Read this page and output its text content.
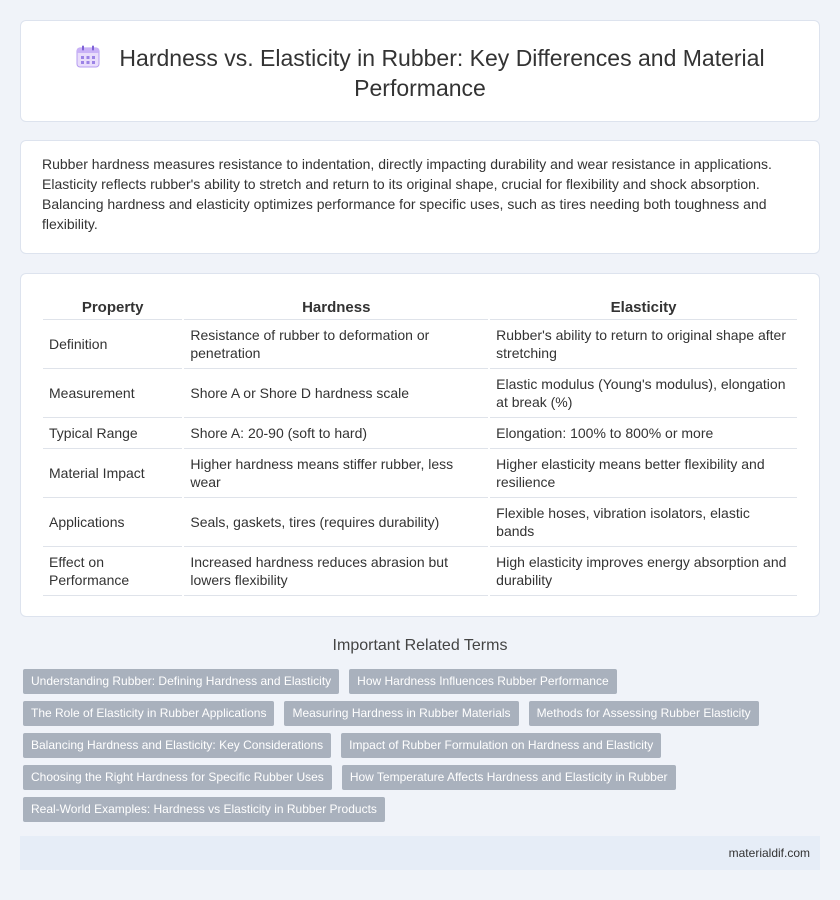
Hardness vs. Elasticity in Rubber: Key Differences and Material Performance

Rubber hardness measures resistance to indentation, directly impacting durability and wear resistance in applications. Elasticity reflects rubber's ability to stretch and return to its original shape, crucial for flexibility and shock absorption. Balancing hardness and elasticity optimizes performance for specific uses, such as tires needing both toughness and flexibility.

Property	Hardness	Elasticity
Definition	Resistance of rubber to deformation or penetration	Rubber's ability to return to original shape after stretching
Measurement	Shore A or Shore D hardness scale	Elastic modulus (Young's modulus), elongation at break (%)
Typical Range	Shore A: 20-90 (soft to hard)	Elongation: 100% to 800% or more
Material Impact	Higher hardness means stiffer rubber, less wear	Higher elasticity means better flexibility and resilience
Applications	Seals, gaskets, tires (requires durability)	Flexible hoses, vibration isolators, elastic bands
Effect on Performance	Increased hardness reduces abrasion but lowers flexibility	High elasticity improves energy absorption and durability
Important Related Terms
Understanding Rubber: Defining Hardness and Elasticity How Hardness Influences Rubber Performance
The Role of Elasticity in Rubber Applications Measuring Hardness in Rubber Materials Methods for Assessing Rubber Elasticity
Balancing Hardness and Elasticity: Key Considerations Impact of Rubber Formulation on Hardness and Elasticity
Choosing the Right Hardness for Specific Rubber Uses How Temperature Affects Hardness and Elasticity in Rubber
Real-World Examples: Hardness vs Elasticity in Rubber Products
materialdif.com
